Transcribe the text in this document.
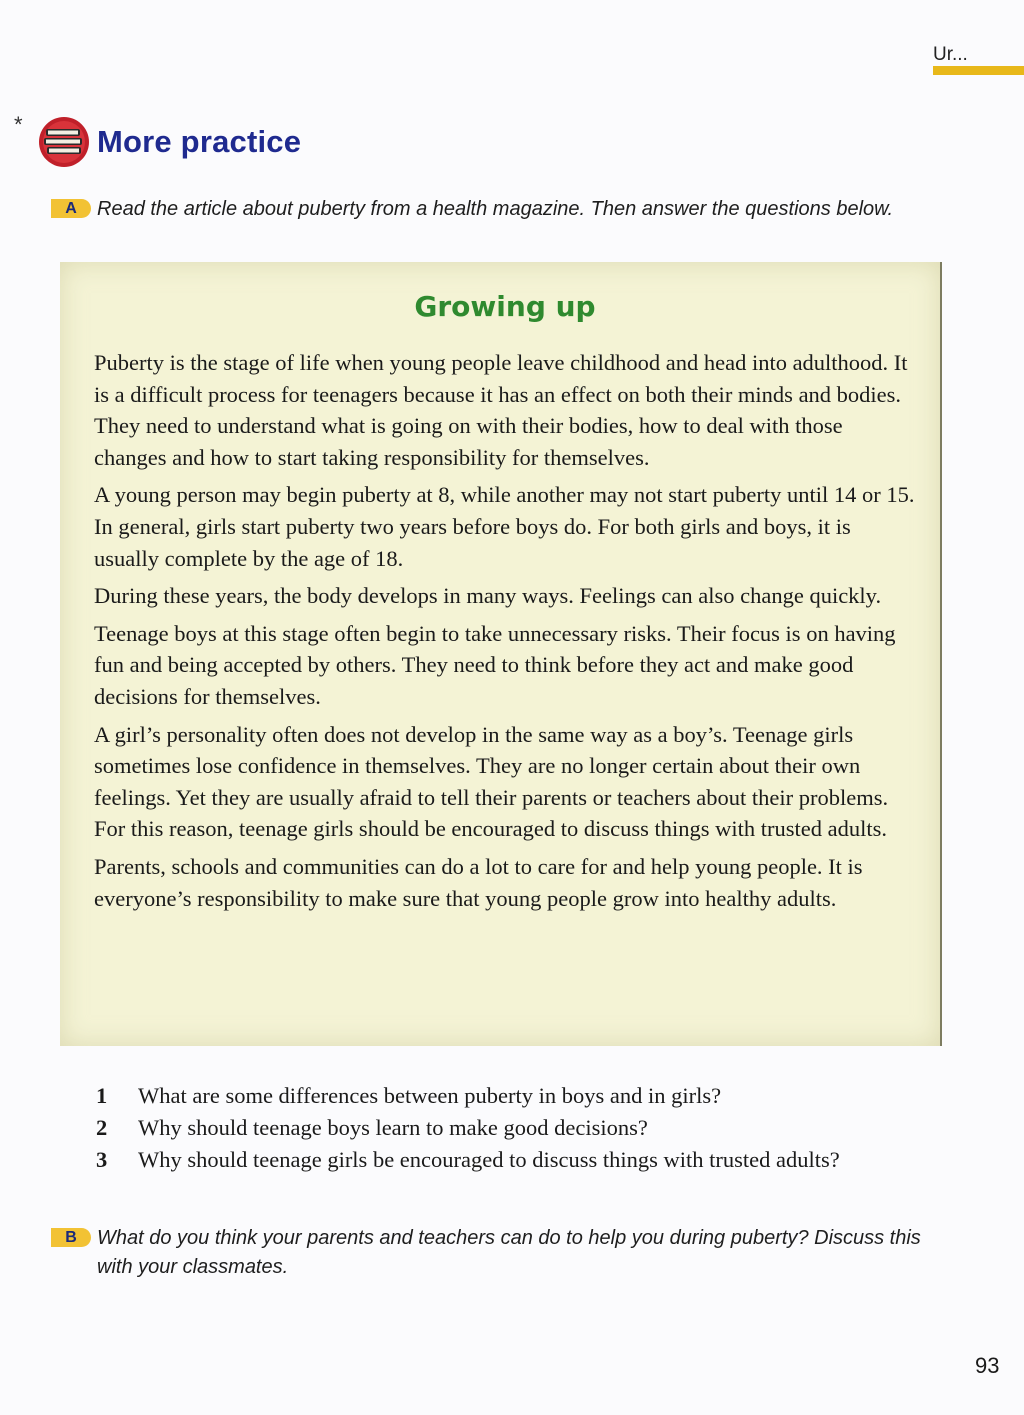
Ur...
* More practice
A	Read the article about puberty from a health magazine. Then answer the questions below.
Growing up

Puberty is the stage of life when young people leave childhood and head into adulthood. It is a difficult process for teenagers because it has an effect on both their minds and bodies. They need to understand what is going on with their bodies, how to deal with those changes and how to start taking responsibility for themselves.

A young person may begin puberty at 8, while another may not start puberty until 14 or 15. In general, girls start puberty two years before boys do. For both girls and boys, it is usually complete by the age of 18.

During these years, the body develops in many ways. Feelings can also change quickly.

Teenage boys at this stage often begin to take unnecessary risks. Their focus is on having fun and being accepted by others. They need to think before they act and make good decisions for themselves.

A girl’s personality often does not develop in the same way as a boy’s. Teenage girls sometimes lose confidence in themselves. They are no longer certain about their own feelings. Yet they are usually afraid to tell their parents or teachers about their problems. For this reason, teenage girls should be encouraged to discuss things with trusted adults.

Parents, schools and communities can do a lot to care for and help young people. It is everyone’s responsibility to make sure that young people grow into healthy adults.

1	What are some differences between puberty in boys and in girls?
2	Why should teenage boys learn to make good decisions?
3	Why should teenage girls be encouraged to discuss things with trusted adults?
B	What do you think your parents and teachers can do to help you during puberty? Discuss this with your classmates.
93
